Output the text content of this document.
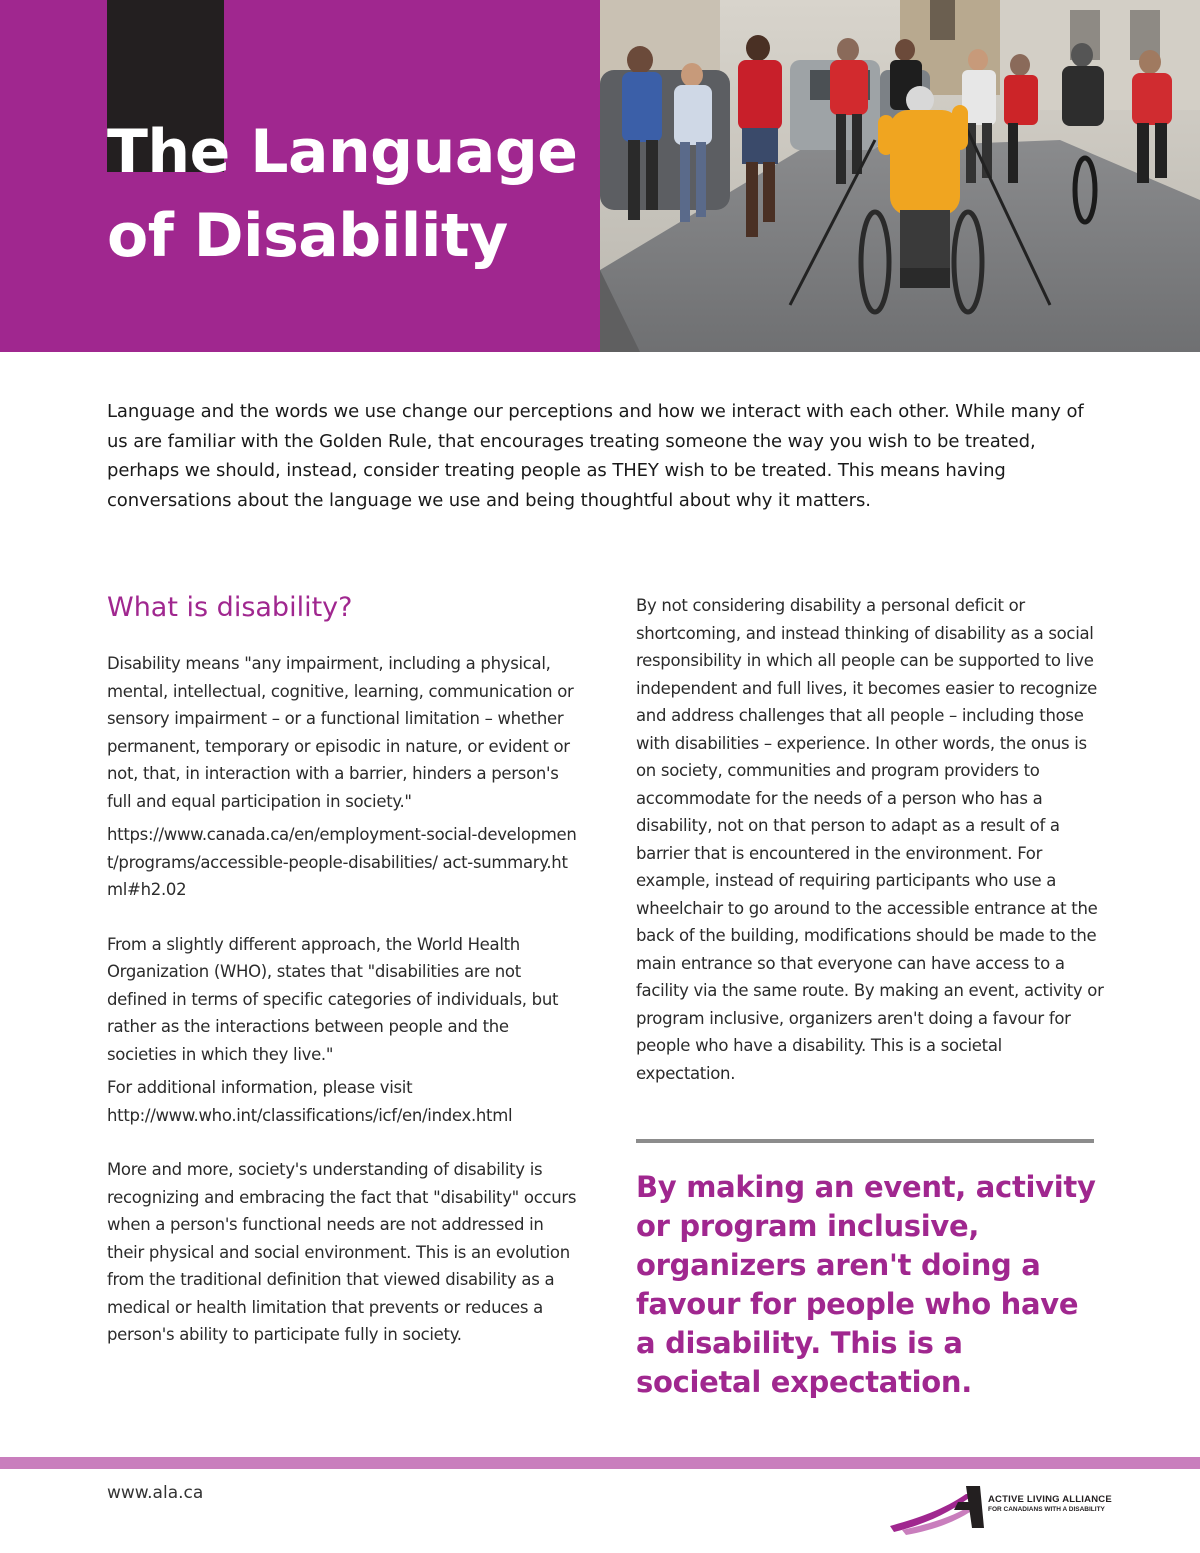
The Language
of Disability

Language and the words we use change our perceptions and how we interact with each other. While many of us are familiar with the Golden Rule, that encourages treating someone the way you wish to be treated, perhaps we should, instead, consider treating people as THEY wish to be treated. This means having conversations about the language we use and being thoughtful about why it matters.

What is disability?

Disability means "any impairment, including a physical, mental, intellectual, cognitive, learning, communication or sensory impairment – or a functional limitation – whether permanent, temporary or episodic in nature, or evident or not, that, in interaction with a barrier, hinders a person's full and equal participation in society."

https://www.canada.ca/en/employment-social-development/programs/accessible-people-disabilities/ act-summary.html#h2.02

From a slightly different approach, the World Health Organization (WHO), states that "disabilities are not defined in terms of specific categories of individuals, but rather as the interactions between people and the societies in which they live."

For additional information, please visit

http://www.who.int/classifications/icf/en/index.html

More and more, society's understanding of disability is recognizing and embracing the fact that "disability" occurs when a person's functional needs are not addressed in their physical and social environment. This is an evolution from the traditional definition that viewed disability as a medical or health limitation that prevents or reduces a person's ability to participate fully in society.

By not considering disability a personal deficit or shortcoming, and instead thinking of disability as a social responsibility in which all people can be supported to live independent and full lives, it becomes easier to recognize and address challenges that all people – including those with disabilities – experience. In other words, the onus is on society, communities and program providers to accommodate for the needs of a person who has a disability, not on that person to adapt as a result of a barrier that is encountered in the environment. For example, instead of requiring participants who use a wheelchair to go around to the accessible entrance at the back of the building, modifications should be made to the main entrance so that everyone can have access to a facility via the same route. By making an event, activity or program inclusive, organizers aren't doing a favour for people who have a disability. This is a societal expectation.

By making an event, activity or program inclusive, organizers aren't doing a favour for people who have a disability. This is a societal expectation.

www.ala.ca	ACTIVE LIVING ALLIANCE
FOR CANADIANS WITH A DISABILITY
